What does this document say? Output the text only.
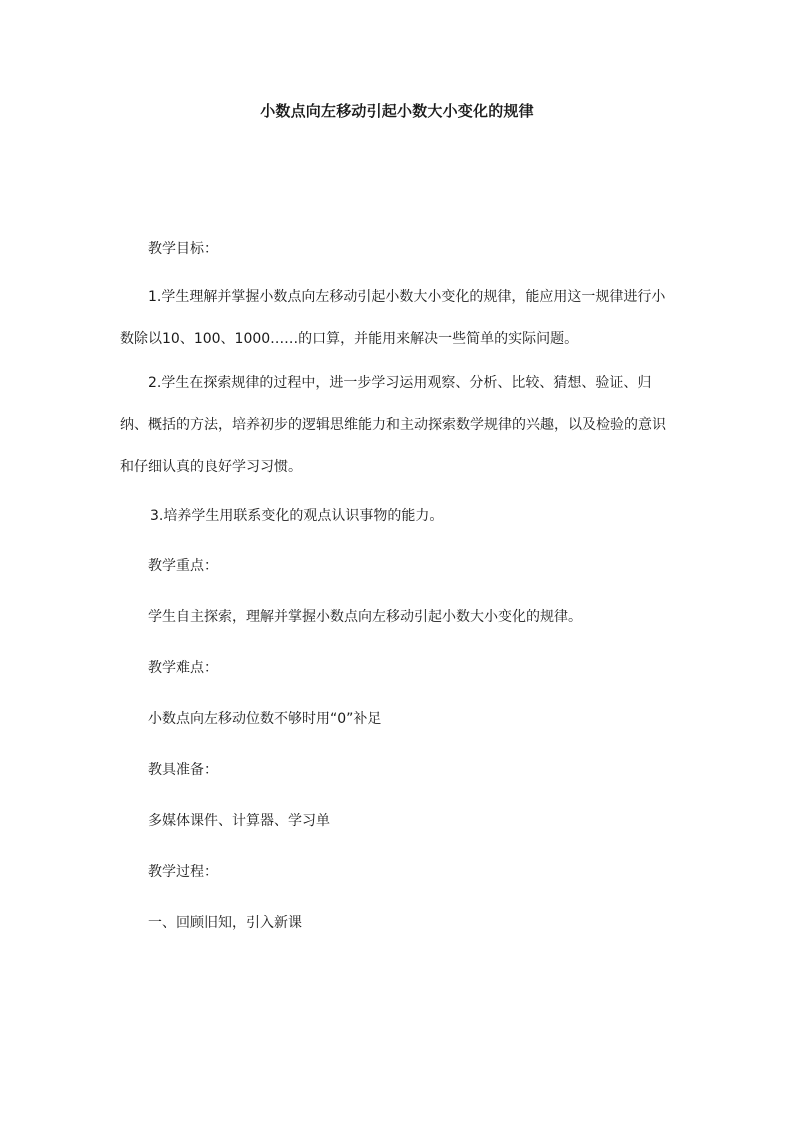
小数点向左移动引起小数大小变化的规律

教学目标：

1.学生理解并掌握小数点向左移动引起小数大小变化的规律，能应用这一规律进行小数除以10、100、1000……的口算，并能用来解决一些简单的实际问题。

2.学生在探索规律的过程中，进一步学习运用观察、分析、比较、猜想、验证、归纳、概括的方法，培养初步的逻辑思维能力和主动探索数学规律的兴趣，以及检验的意识和仔细认真的良好学习习惯。

3.培养学生用联系变化的观点认识事物的能力。

教学重点：

学生自主探索，理解并掌握小数点向左移动引起小数大小变化的规律。

教学难点：

小数点向左移动位数不够时用“0”补足

教具准备：

多媒体课件、计算器、学习单

教学过程：

一、回顾旧知，引入新课
